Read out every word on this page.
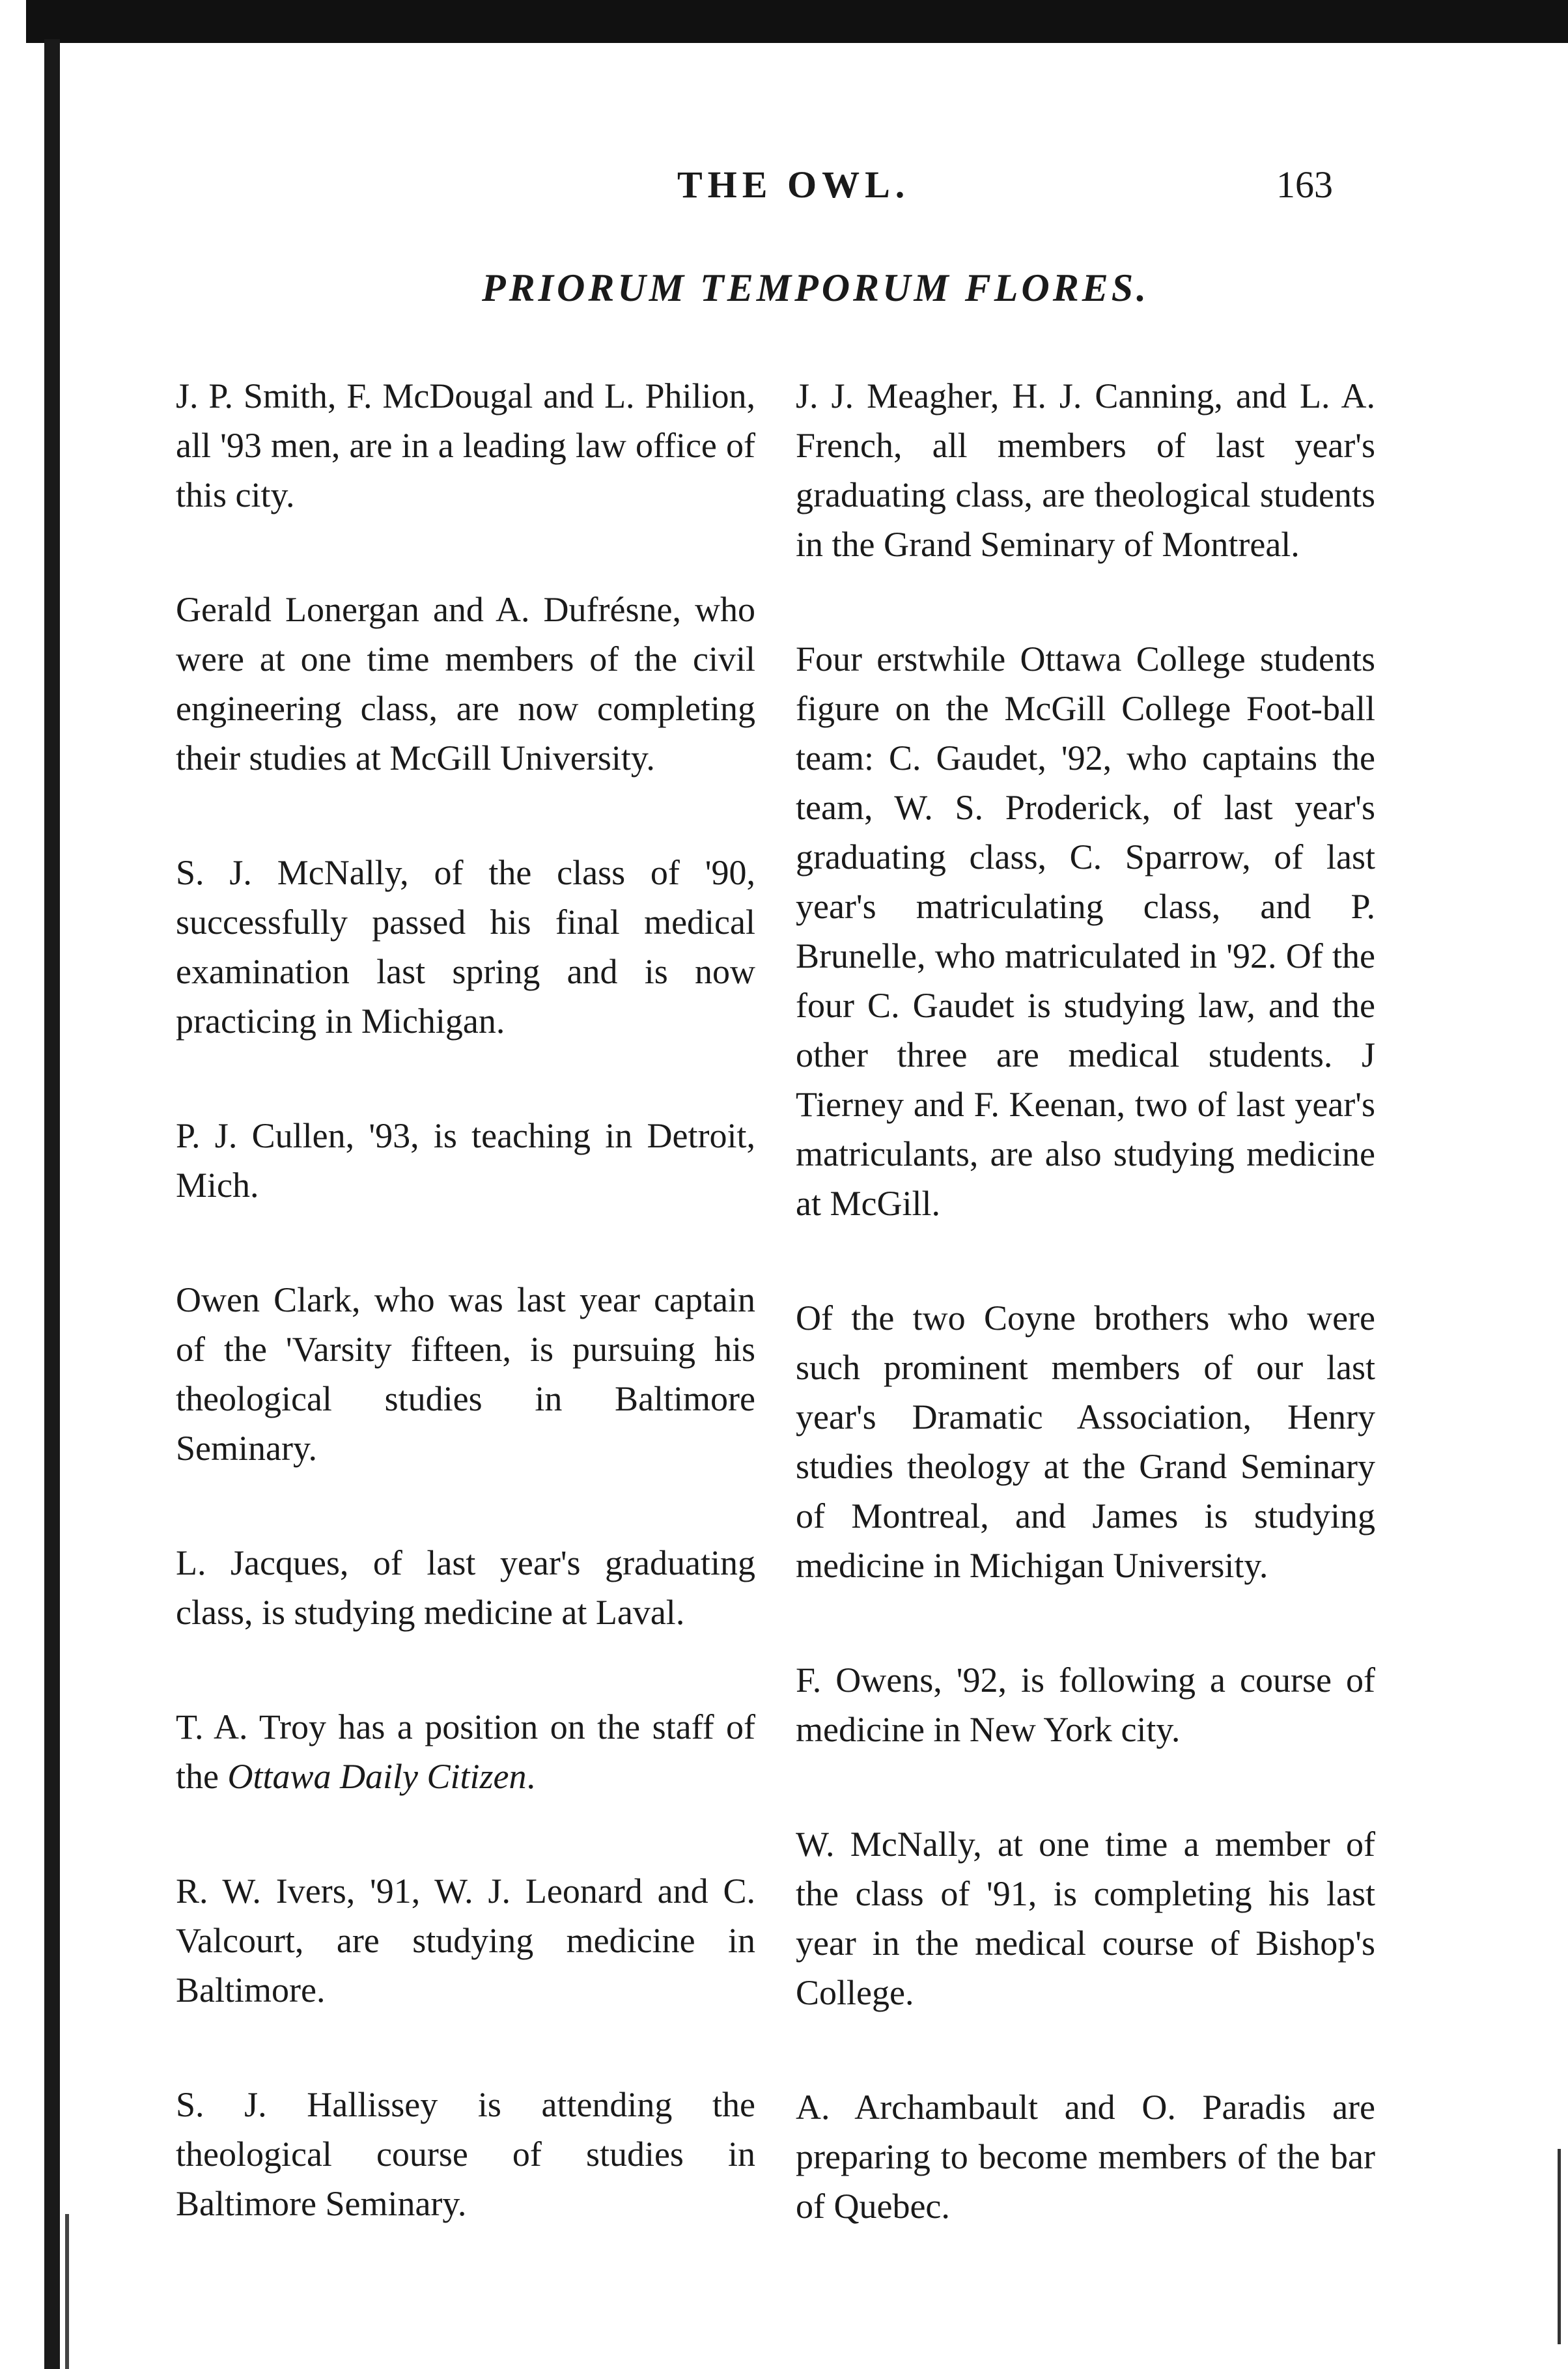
THE OWL.	163
PRIORUM TEMPORUM FLORES.

J. P. Smith, F. McDougal and L. Philion, all '93 men, are in a leading law office of this city.

Gerald Lonergan and A. Dufrésne, who were at one time members of the civil engineering class, are now completing their studies at McGill University.

S. J. McNally, of the class of '90, successfully passed his final medical examination last spring and is now practicing in Michigan.

P. J. Cullen, '93, is teaching in Detroit, Mich.

Owen Clark, who was last year captain of the 'Varsity fifteen, is pursuing his theological studies in Baltimore Seminary.

L. Jacques, of last year's graduating class, is studying medicine at Laval.

T. A. Troy has a position on the staff of the Ottawa Daily Citizen.

R. W. Ivers, '91, W. J. Leonard and C. Valcourt, are studying medicine in Baltimore.

S. J. Hallissey is attending the theological course of studies in Baltimore Seminary.

J. J. Meagher, H. J. Canning, and L. A. French, all members of last year's graduating class, are theological students in the Grand Seminary of Montreal.

Four erstwhile Ottawa College students figure on the McGill College Foot-ball team: C. Gaudet, '92, who captains the team, W. S. Proderick, of last year's graduating class, C. Sparrow, of last year's matriculating class, and P. Brunelle, who matriculated in '92. Of the four C. Gaudet is studying law, and the other three are medical students. J Tierney and F. Keenan, two of last year's matriculants, are also studying medicine at McGill.

Of the two Coyne brothers who were such prominent members of our last year's Dramatic Association, Henry studies theology at the Grand Seminary of Montreal, and James is studying medicine in Michigan University.

F. Owens, '92, is following a course of medicine in New York city.

W. McNally, at one time a member of the class of '91, is completing his last year in the medical course of Bishop's College.

A. Archambault and O. Paradis are preparing to become members of the bar of Quebec.
